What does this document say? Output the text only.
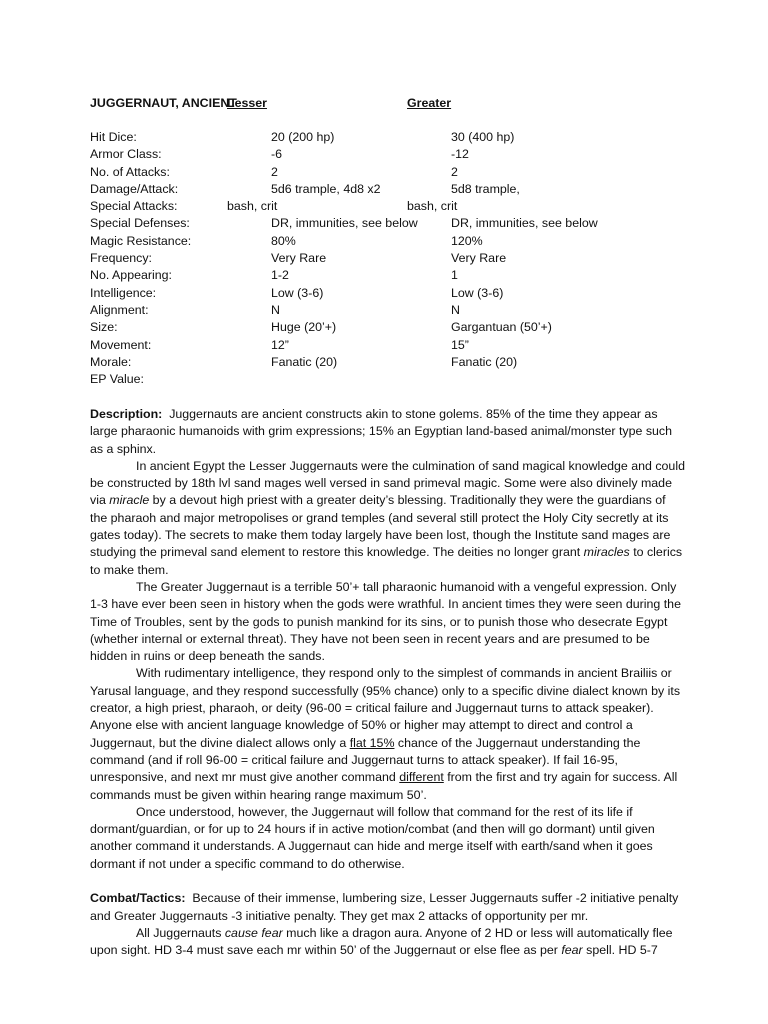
JUGGERNAUT, ANCIENT
Lesser	Greater
Hit Dice:	20 (200 hp)	30 (400 hp)
Armor Class:	-6	-12
No. of Attacks:	2	2
Damage/Attack:	5d6 trample, 4d8 x2	5d8 trample,
Special Attacks:	bash, crit	bash, crit
Special Defenses:	DR, immunities, see below	DR, immunities, see below
Magic Resistance:	80%	120%
Frequency:	Very Rare	Very Rare
No. Appearing:	1-2	1
Intelligence:	Low (3-6)	Low (3-6)
Alignment:	N	N
Size:	Huge (20’+)	Gargantuan (50’+)
Movement:	12”	15”
Morale:	Fanatic (20)	Fanatic (20)
EP Value:

Description: Juggernauts are ancient constructs akin to stone golems. 85% of the time they appear as large pharaonic humanoids with grim expressions; 15% an Egyptian land-based animal/monster type such as a sphinx.

In ancient Egypt the Lesser Juggernauts were the culmination of sand magical knowledge and could be constructed by 18th lvl sand mages well versed in sand primeval magic. Some were also divinely made via miracle by a devout high priest with a greater deity’s blessing. Traditionally they were the guardians of the pharaoh and major metropolises or grand temples (and several still protect the Holy City secretly at its gates today). The secrets to make them today largely have been lost, though the Institute sand mages are studying the primeval sand element to restore this knowledge. The deities no longer grant miracles to clerics to make them.

The Greater Juggernaut is a terrible 50’+ tall pharaonic humanoid with a vengeful expression. Only 1-3 have ever been seen in history when the gods were wrathful. In ancient times they were seen during the Time of Troubles, sent by the gods to punish mankind for its sins, or to punish those who desecrate Egypt (whether internal or external threat). They have not been seen in recent years and are presumed to be hidden in ruins or deep beneath the sands.

With rudimentary intelligence, they respond only to the simplest of commands in ancient Brailiis or Yarusal language, and they respond successfully (95% chance) only to a specific divine dialect known by its creator, a high priest, pharaoh, or deity (96-00 = critical failure and Juggernaut turns to attack speaker). Anyone else with ancient language knowledge of 50% or higher may attempt to direct and control a Juggernaut, but the divine dialect allows only a flat 15% chance of the Juggernaut understanding the command (and if roll 96-00 = critical failure and Juggernaut turns to attack speaker). If fail 16-95, unresponsive, and next mr must give another command different from the first and try again for success. All commands must be given within hearing range maximum 50’.

Once understood, however, the Juggernaut will follow that command for the rest of its life if dormant/guardian, or for up to 24 hours if in active motion/combat (and then will go dormant) until given another command it understands. A Juggernaut can hide and merge itself with earth/sand when it goes dormant if not under a specific command to do otherwise.

Combat/Tactics: Because of their immense, lumbering size, Lesser Juggernauts suffer -2 initiative penalty and Greater Juggernauts -3 initiative penalty. They get max 2 attacks of opportunity per mr.

All Juggernauts cause fear much like a dragon aura. Anyone of 2 HD or less will automatically flee upon sight. HD 3-4 must save each mr within 50’ of the Juggernaut or else flee as per fear spell. HD 5-7
